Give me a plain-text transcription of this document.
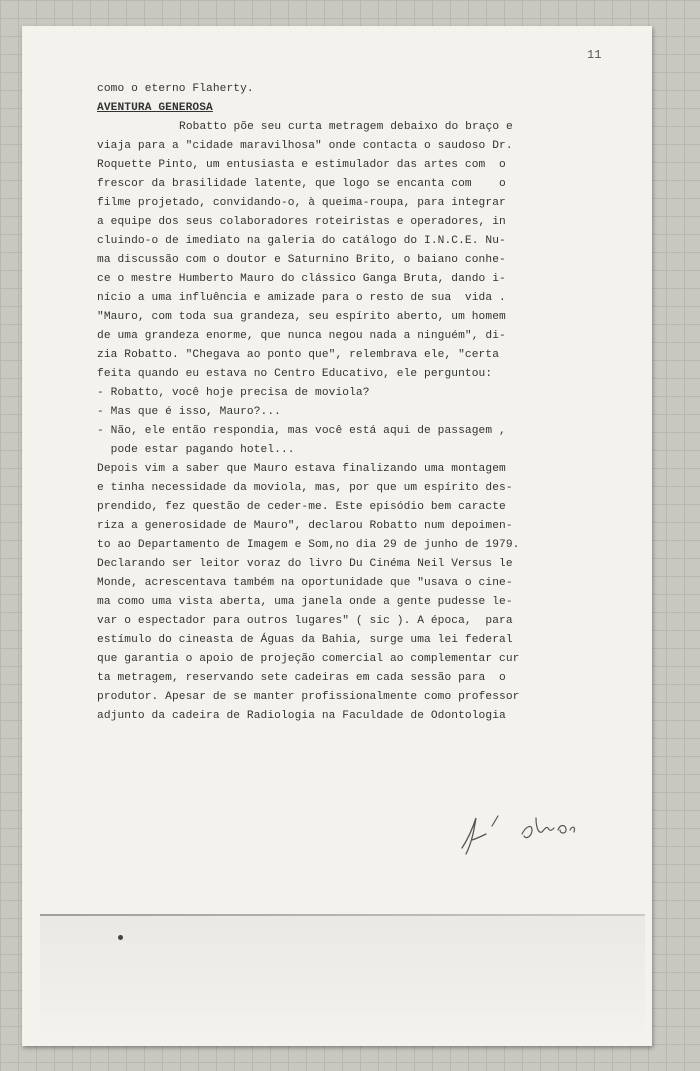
11
como o eterno Flaherty.
AVENTURA GENEROSA
Robatto põe seu curta metragem debaixo do braço e
viaja para a "cidade maravilhosa" onde contacta o saudoso Dr.
Roquette Pinto, um entusiasta e estimulador das artes com  o
frescor da brasilidade latente, que logo se encanta com    o
filme projetado, convidando-o, à queima-roupa, para integrar
a equipe dos seus colaboradores roteiristas e operadores, in
cluindo-o de imediato na galeria do catálogo do I.N.C.E. Nu-
ma discussão com o doutor e Saturnino Brito, o baiano conhe-
ce o mestre Humberto Mauro do clássico Ganga Bruta, dando i-
nício a uma influência e amizade para o resto de sua  vida .
"Mauro, com toda sua grandeza, seu espírito aberto, um homem
de uma grandeza enorme, que nunca negou nada a ninguém", di-
zia Robatto. "Chegava ao ponto que", relembrava ele, "certa
feita quando eu estava no Centro Educativo, ele perguntou:
- Robatto, você hoje precisa de moviola?
- Mas que é isso, Mauro?...
- Não, ele então respondia, mas você está aqui de passagem ,
pode estar pagando hotel...
Depois vim a saber que Mauro estava finalizando uma montagem
e tinha necessidade da moviola, mas, por que um espírito des-
prendido, fez questão de ceder-me. Este episódio bem caracte
riza a generosidade de Mauro", declarou Robatto num depoimen-
to ao Departamento de Imagem e Som,no dia 29 de junho de 1979.
Declarando ser leitor voraz do livro Du Cinéma Neil Versus le
Monde, acrescentava também na oportunidade que "usava o cine-
ma como uma vista aberta, uma janela onde a gente pudesse le-
var o espectador para outros lugares" ( sic ). A época,  para
estímulo do cineasta de Águas da Bahia, surge uma lei federal
que garantia o apoio de projeção comercial ao complementar cur
ta metragem, reservando sete cadeiras em cada sessão para  o
produtor. Apesar de se manter profissionalmente como professor
adjunto da cadeira de Radiologia na Faculdade de Odontologia
